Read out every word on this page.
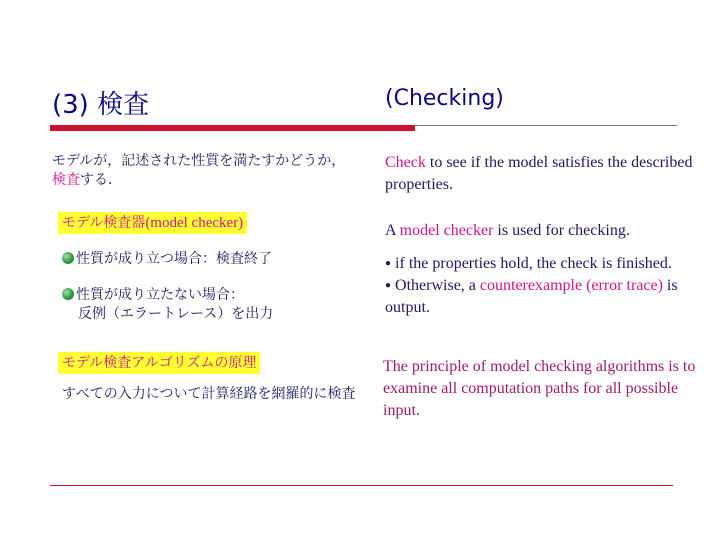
(3) 検査	(Checking)
モデルが，記述された性質を満たすかどうか，検査する．
モデル検査器(model checker)
性質が成り立つ場合：検査終了
性質が成り立たない場合：
反例（エラートレース）を出力
モデル検査アルゴリズムの原理
すべての入力について計算経路を網羅的に検査
Check to see if the model satisfies the described properties.
A model checker is used for checking.
● if the properties hold, the check is finished.
● Otherwise, a counterexample (error trace) is output.
The principle of model checking algorithms is to examine all computation paths for all possible input.
